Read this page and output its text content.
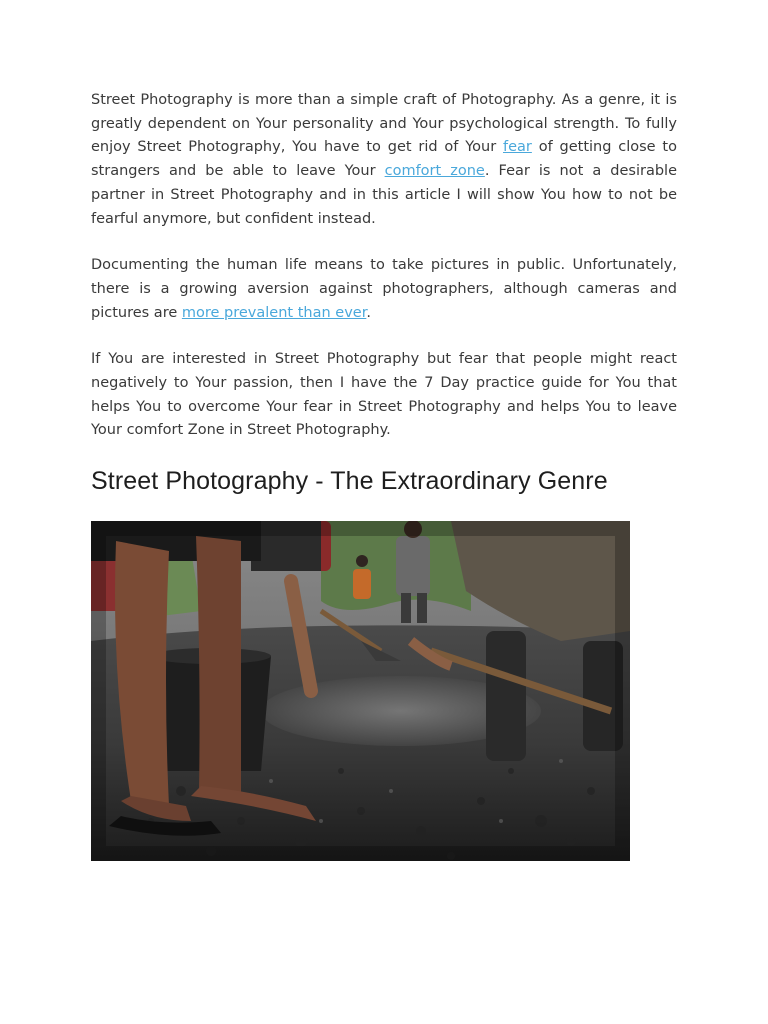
Street Photography is more than a simple craft of Photography. As a genre, it is greatly dependent on Your personality and Your psychological strength. To fully enjoy Street Photography, You have to get rid of Your fear of getting close to strangers and be able to leave Your comfort zone. Fear is not a desirable partner in Street Photography and in this article I will show You how to not be fearful anymore, but confident instead.

Documenting the human life means to take pictures in public. Unfortunately, there is a growing aversion against photographers, although cameras and pictures are more prevalent than ever.

If You are interested in Street Photography but fear that people might react negatively to Your passion, then I have the 7 Day practice guide for You that helps You to overcome Your fear in Street Photography and helps You to leave Your comfort Zone in Street Photography.

Street Photography - The Extraordinary Genre
